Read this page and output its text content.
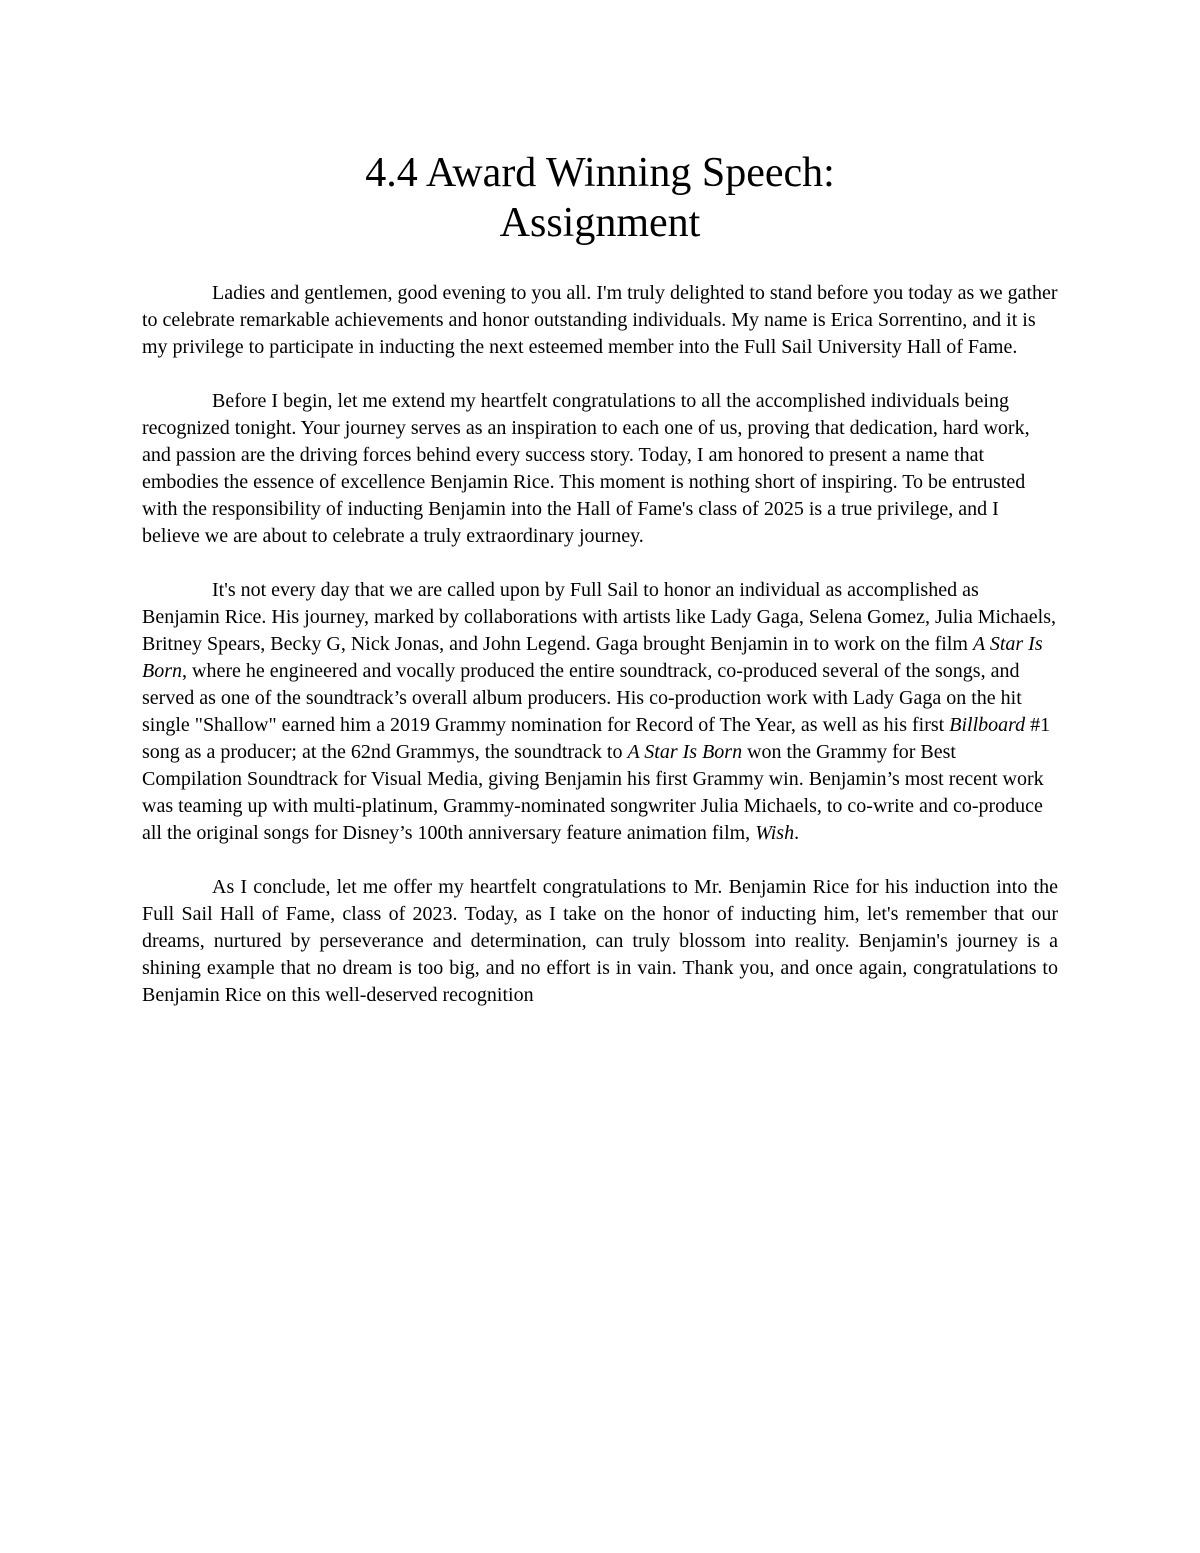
4.4 Award Winning Speech:
Assignment

Ladies and gentlemen, good evening to you all. I'm truly delighted to stand before you today as we gather to celebrate remarkable achievements and honor outstanding individuals. My name is Erica Sorrentino, and it is my privilege to participate in inducting the next esteemed member into the Full Sail University Hall of Fame.

Before I begin, let me extend my heartfelt congratulations to all the accomplished individuals being recognized tonight. Your journey serves as an inspiration to each one of us, proving that dedication, hard work, and passion are the driving forces behind every success story. Today, I am honored to present a name that embodies the essence of excellence Benjamin Rice. This moment is nothing short of inspiring. To be entrusted with the responsibility of inducting Benjamin into the Hall of Fame's class of 2025 is a true privilege, and I believe we are about to celebrate a truly extraordinary journey.

It's not every day that we are called upon by Full Sail to honor an individual as accomplished as Benjamin Rice. His journey, marked by collaborations with artists like Lady Gaga, Selena Gomez, Julia Michaels, Britney Spears, Becky G, Nick Jonas, and John Legend. Gaga brought Benjamin in to work on the film A Star Is Born, where he engineered and vocally produced the entire soundtrack, co-produced several of the songs, and served as one of the soundtrack’s overall album producers. His co-production work with Lady Gaga on the hit single "Shallow" earned him a 2019 Grammy nomination for Record of The Year, as well as his first Billboard #1 song as a producer; at the 62nd Grammys, the soundtrack to A Star Is Born won the Grammy for Best Compilation Soundtrack for Visual Media, giving Benjamin his first Grammy win. Benjamin’s most recent work was teaming up with multi-platinum, Grammy-nominated songwriter Julia Michaels, to co-write and co-produce all the original songs for Disney’s 100th anniversary feature animation film, Wish.

As I conclude, let me offer my heartfelt congratulations to Mr. Benjamin Rice for his induction into the Full Sail Hall of Fame, class of 2023. Today, as I take on the honor of inducting him, let's remember that our dreams, nurtured by perseverance and determination, can truly blossom into reality. Benjamin's journey is a shining example that no dream is too big, and no effort is in vain. Thank you, and once again, congratulations to Benjamin Rice on this well-deserved recognition
